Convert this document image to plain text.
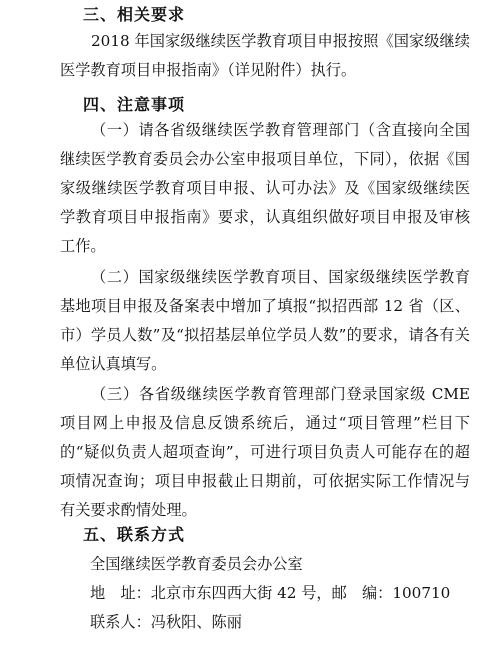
三、相关要求
2018 年国家级继续医学教育项目申报按照《国家级继续医学教育项目申报指南》（详见附件）执行。
四、注意事项
（一）请各省级继续医学教育管理部门（含直接向全国继续医学教育委员会办公室申报项目单位，下同），依据《国家级继续医学教育项目申报、认可办法》及《国家级继续医学教育项目申报指南》要求，认真组织做好项目申报及审核工作。
（二）国家级继续医学教育项目、国家级继续医学教育基地项目申报及备案表中增加了填报“拟招西部 12 省（区、市）学员人数”及“拟招基层单位学员人数”的要求，请各有关单位认真填写。
（三）各省级继续医学教育管理部门登录国家级 CME 项目网上申报及信息反馈系统后，通过“项目管理”栏目下的“疑似负责人超项查询”，可进行项目负责人可能存在的超项情况查询；项目申报截止日期前，可依据实际工作情况与有关要求酌情处理。
五、联系方式
全国继续医学教育委员会办公室
地　址：北京市东四西大街 42 号，邮　编：100710
联系人：冯秋阳、陈丽
